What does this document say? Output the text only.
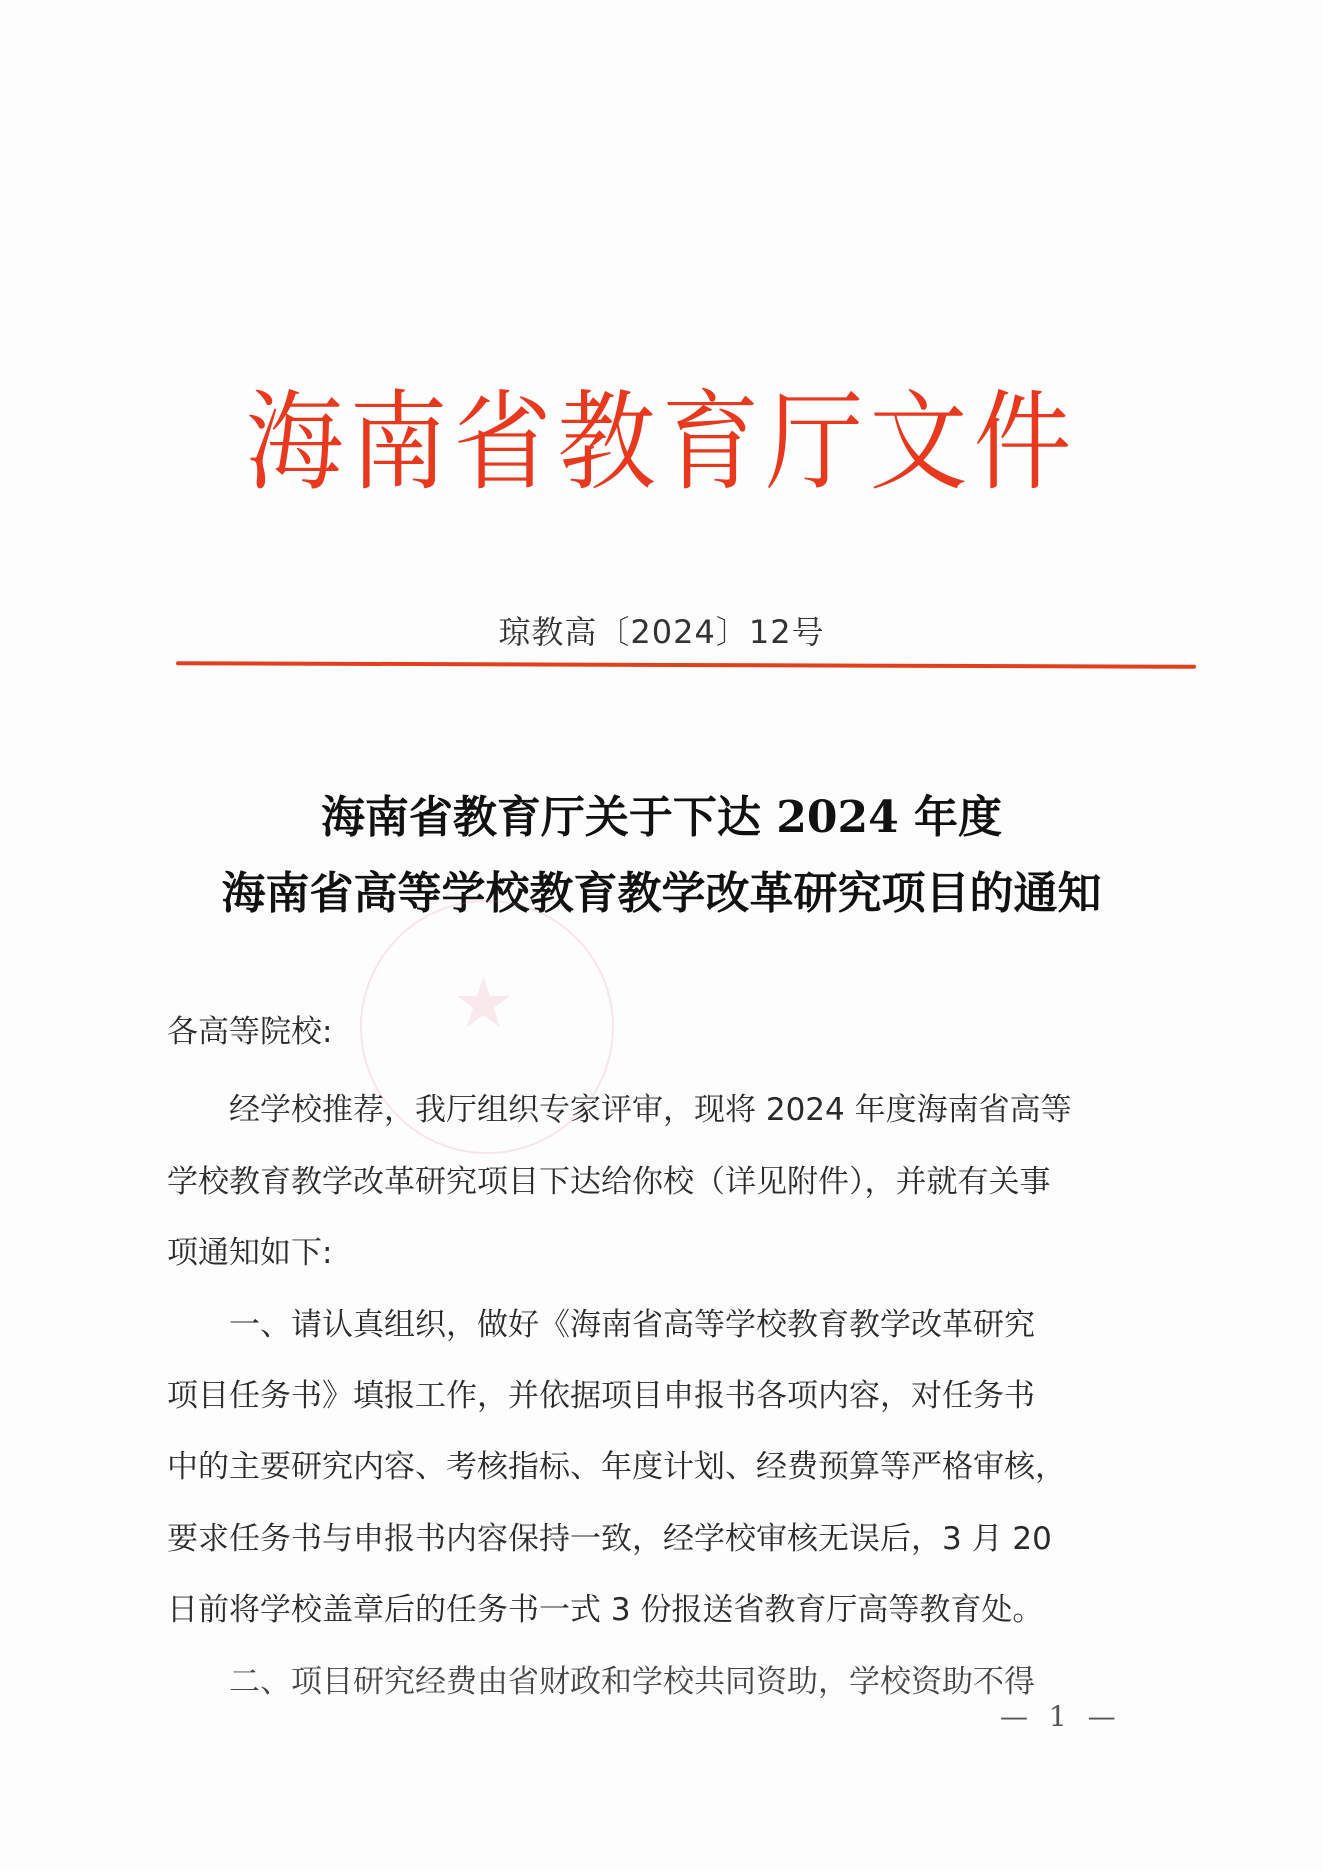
海南省教育厅文件
琼教高〔2024〕12号
海南省教育厅关于下达 2024 年度
海南省高等学校教育教学改革研究项目的通知
★
各高等院校:
　　经学校推荐，我厅组织专家评审，现将 2024 年度海南省高等
学校教育教学改革研究项目下达给你校（详见附件），并就有关事
项通知如下:
　　一、请认真组织，做好《海南省高等学校教育教学改革研究
项目任务书》填报工作，并依据项目申报书各项内容，对任务书
中的主要研究内容、考核指标、年度计划、经费预算等严格审核，
要求任务书与申报书内容保持一致，经学校审核无误后，3 月 20
日前将学校盖章后的任务书一式 3 份报送省教育厅高等教育处。
　　二、项目研究经费由省财政和学校共同资助，学校资助不得
— 1 —
